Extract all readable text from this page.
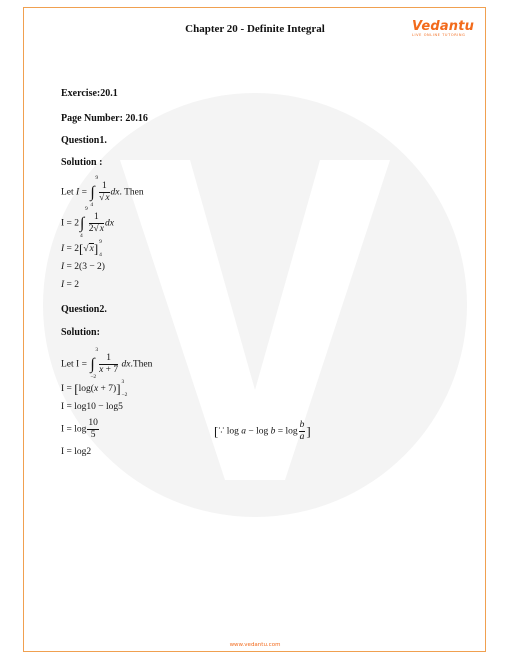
Chapter 20 - Definite Integral	Vedantu
LIVE ONLINE TUTORING
Exercise:20.1
Page Number: 20.16
Question1.
Solution :
Let I = ∫
9
4

$\frac{1}{√x}$ dx. Then
I = 2∫
9
4

$\frac{1}{2√x}$ dx
I = 2[√x] 9
4
I = 2(3 − 2)
I = 2
Question2.
Solution:
Let I = ∫
3
−2

$\frac{1}{x + 7}$ dx.Then
I = [log(x + 7)] 3
−2
I = log10 − log5
$I = \log \frac{10}{5}$	[∵ $\log a - \log b = \log \frac{b}{a}$ ]
I = log2
www.vedantu.com
